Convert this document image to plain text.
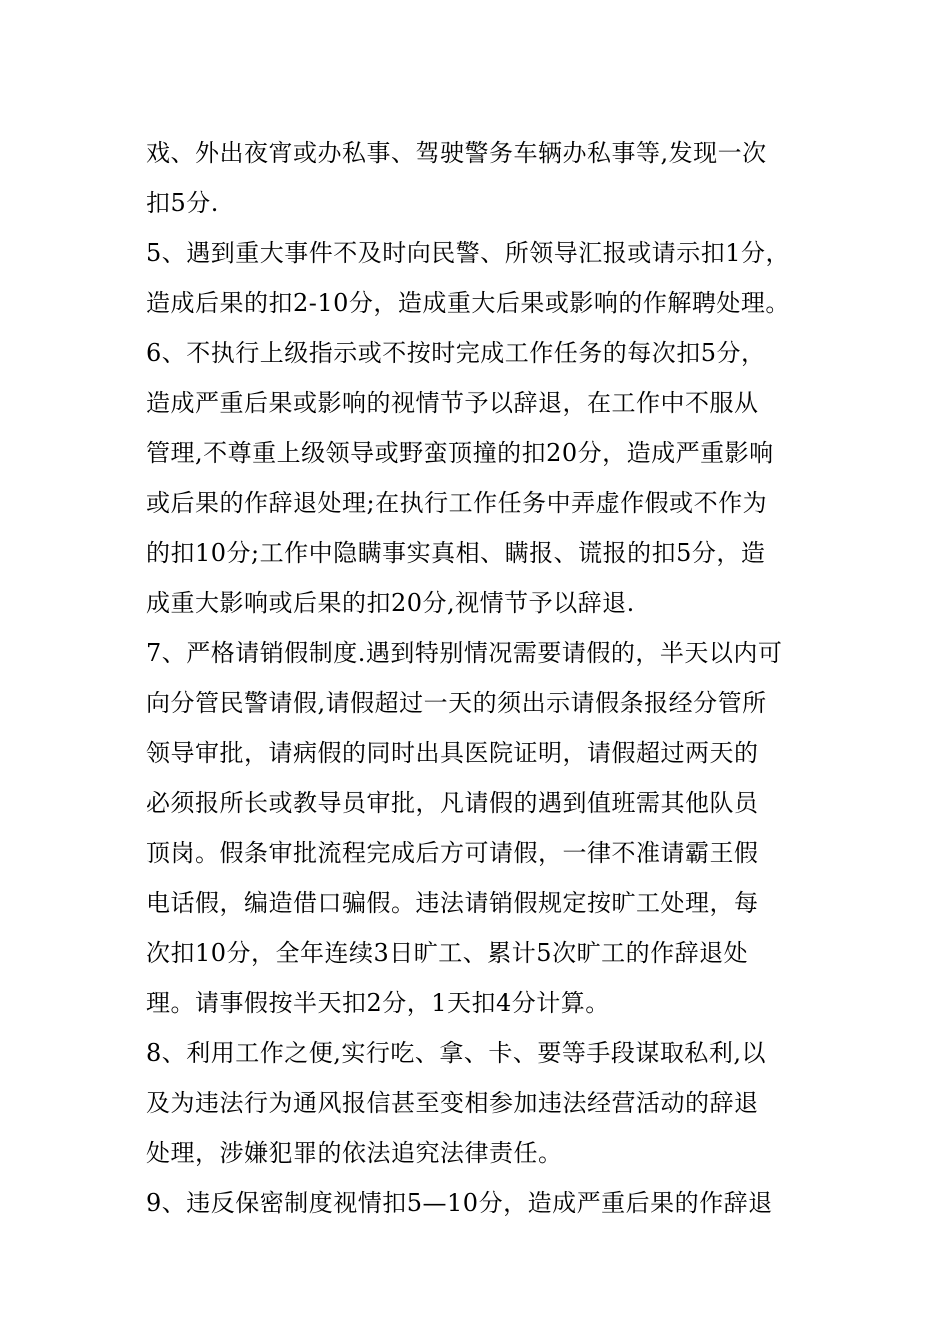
戏、外出夜宵或办私事、驾驶警务车辆办私事等,发现一次
扣5分.
5、遇到重大事件不及时向民警、所领导汇报或请示扣1分，
造成后果的扣2-10分，造成重大后果或影响的作解聘处理。
6、不执行上级指示或不按时完成工作任务的每次扣5分，
造成严重后果或影响的视情节予以辞退，在工作中不服从
管理,不尊重上级领导或野蛮顶撞的扣20分，造成严重影响
或后果的作辞退处理;在执行工作任务中弄虚作假或不作为
的扣10分;工作中隐瞒事实真相、瞒报、谎报的扣5分，造
成重大影响或后果的扣20分,视情节予以辞退.
7、严格请销假制度.遇到特别情况需要请假的，半天以内可
向分管民警请假,请假超过一天的须出示请假条报经分管所
领导审批，请病假的同时出具医院证明，请假超过两天的
必须报所长或教导员审批，凡请假的遇到值班需其他队员
顶岗。假条审批流程完成后方可请假，一律不准请霸王假
电话假，编造借口骗假。违法请销假规定按旷工处理，每
次扣10分，全年连续3日旷工、累计5次旷工的作辞退处
理。请事假按半天扣2分，1天扣4分计算。
8、利用工作之便,实行吃、拿、卡、要等手段谋取私利,以
及为违法行为通风报信甚至变相参加违法经营活动的辞退
处理，涉嫌犯罪的依法追究法律责任。
9、违反保密制度视情扣5—10分，造成严重后果的作辞退
